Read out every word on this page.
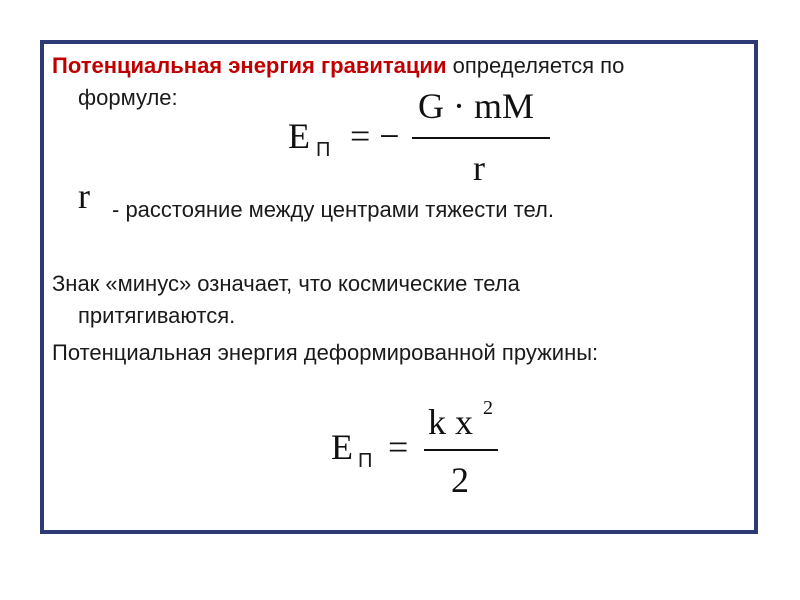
Потенциальная энергия гравитации определяется по
формуле:
E П = −
G · mM
r
r - расстояние между центрами тяжести тел.
Знак «минус» означает, что космические тела
притягиваются.
Потенциальная энергия деформированной пружины:
E П =
k x 2
2
